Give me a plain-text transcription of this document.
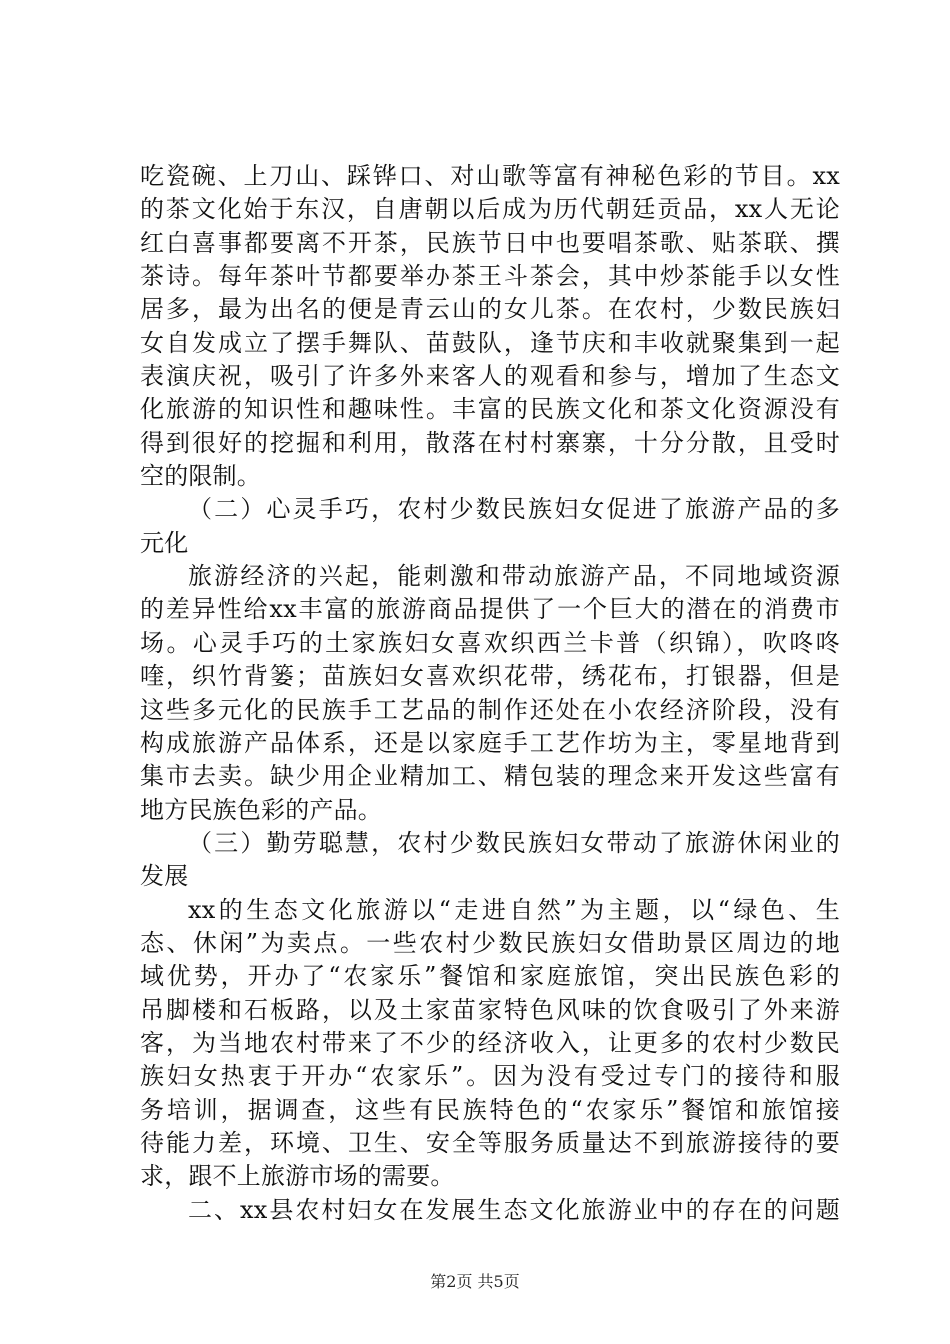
吃瓷碗、上刀山、踩铧口、对山歌等富有神秘色彩的节目。xx
的茶文化始于东汉，自唐朝以后成为历代朝廷贡品，xx人无论
红白喜事都要离不开茶，民族节日中也要唱茶歌、贴茶联、撰
茶诗。每年茶叶节都要举办茶王斗茶会，其中炒茶能手以女性
居多，最为出名的便是青云山的女儿茶。在农村，少数民族妇
女自发成立了摆手舞队、苗鼓队，逢节庆和丰收就聚集到一起
表演庆祝，吸引了许多外来客人的观看和参与，增加了生态文
化旅游的知识性和趣味性。丰富的民族文化和茶文化资源没有
得到很好的挖掘和利用，散落在村村寨寨，十分分散，且受时
空的限制。
（二）心灵手巧，农村少数民族妇女促进了旅游产品的多
元化
旅游经济的兴起，能刺激和带动旅游产品，不同地域资源
的差异性给xx丰富的旅游商品提供了一个巨大的潜在的消费市
场。心灵手巧的土家族妇女喜欢织西兰卡普（织锦），吹咚咚
喹，织竹背篓；苗族妇女喜欢织花带，绣花布，打银器，但是
这些多元化的民族手工艺品的制作还处在小农经济阶段，没有
构成旅游产品体系，还是以家庭手工艺作坊为主，零星地背到
集市去卖。缺少用企业精加工、精包装的理念来开发这些富有
地方民族色彩的产品。
（三）勤劳聪慧，农村少数民族妇女带动了旅游休闲业的
发展
xx的生态文化旅游以“走进自然”为主题，以“绿色、生
态、休闲”为卖点。一些农村少数民族妇女借助景区周边的地
域优势，开办了“农家乐”餐馆和家庭旅馆，突出民族色彩的
吊脚楼和石板路，以及土家苗家特色风味的饮食吸引了外来游
客，为当地农村带来了不少的经济收入，让更多的农村少数民
族妇女热衷于开办“农家乐”。因为没有受过专门的接待和服
务培训，据调查，这些有民族特色的“农家乐”餐馆和旅馆接
待能力差，环境、卫生、安全等服务质量达不到旅游接待的要
求，跟不上旅游市场的需要。
二、xx县农村妇女在发展生态文化旅游业中的存在的问题
第2页 共5页
